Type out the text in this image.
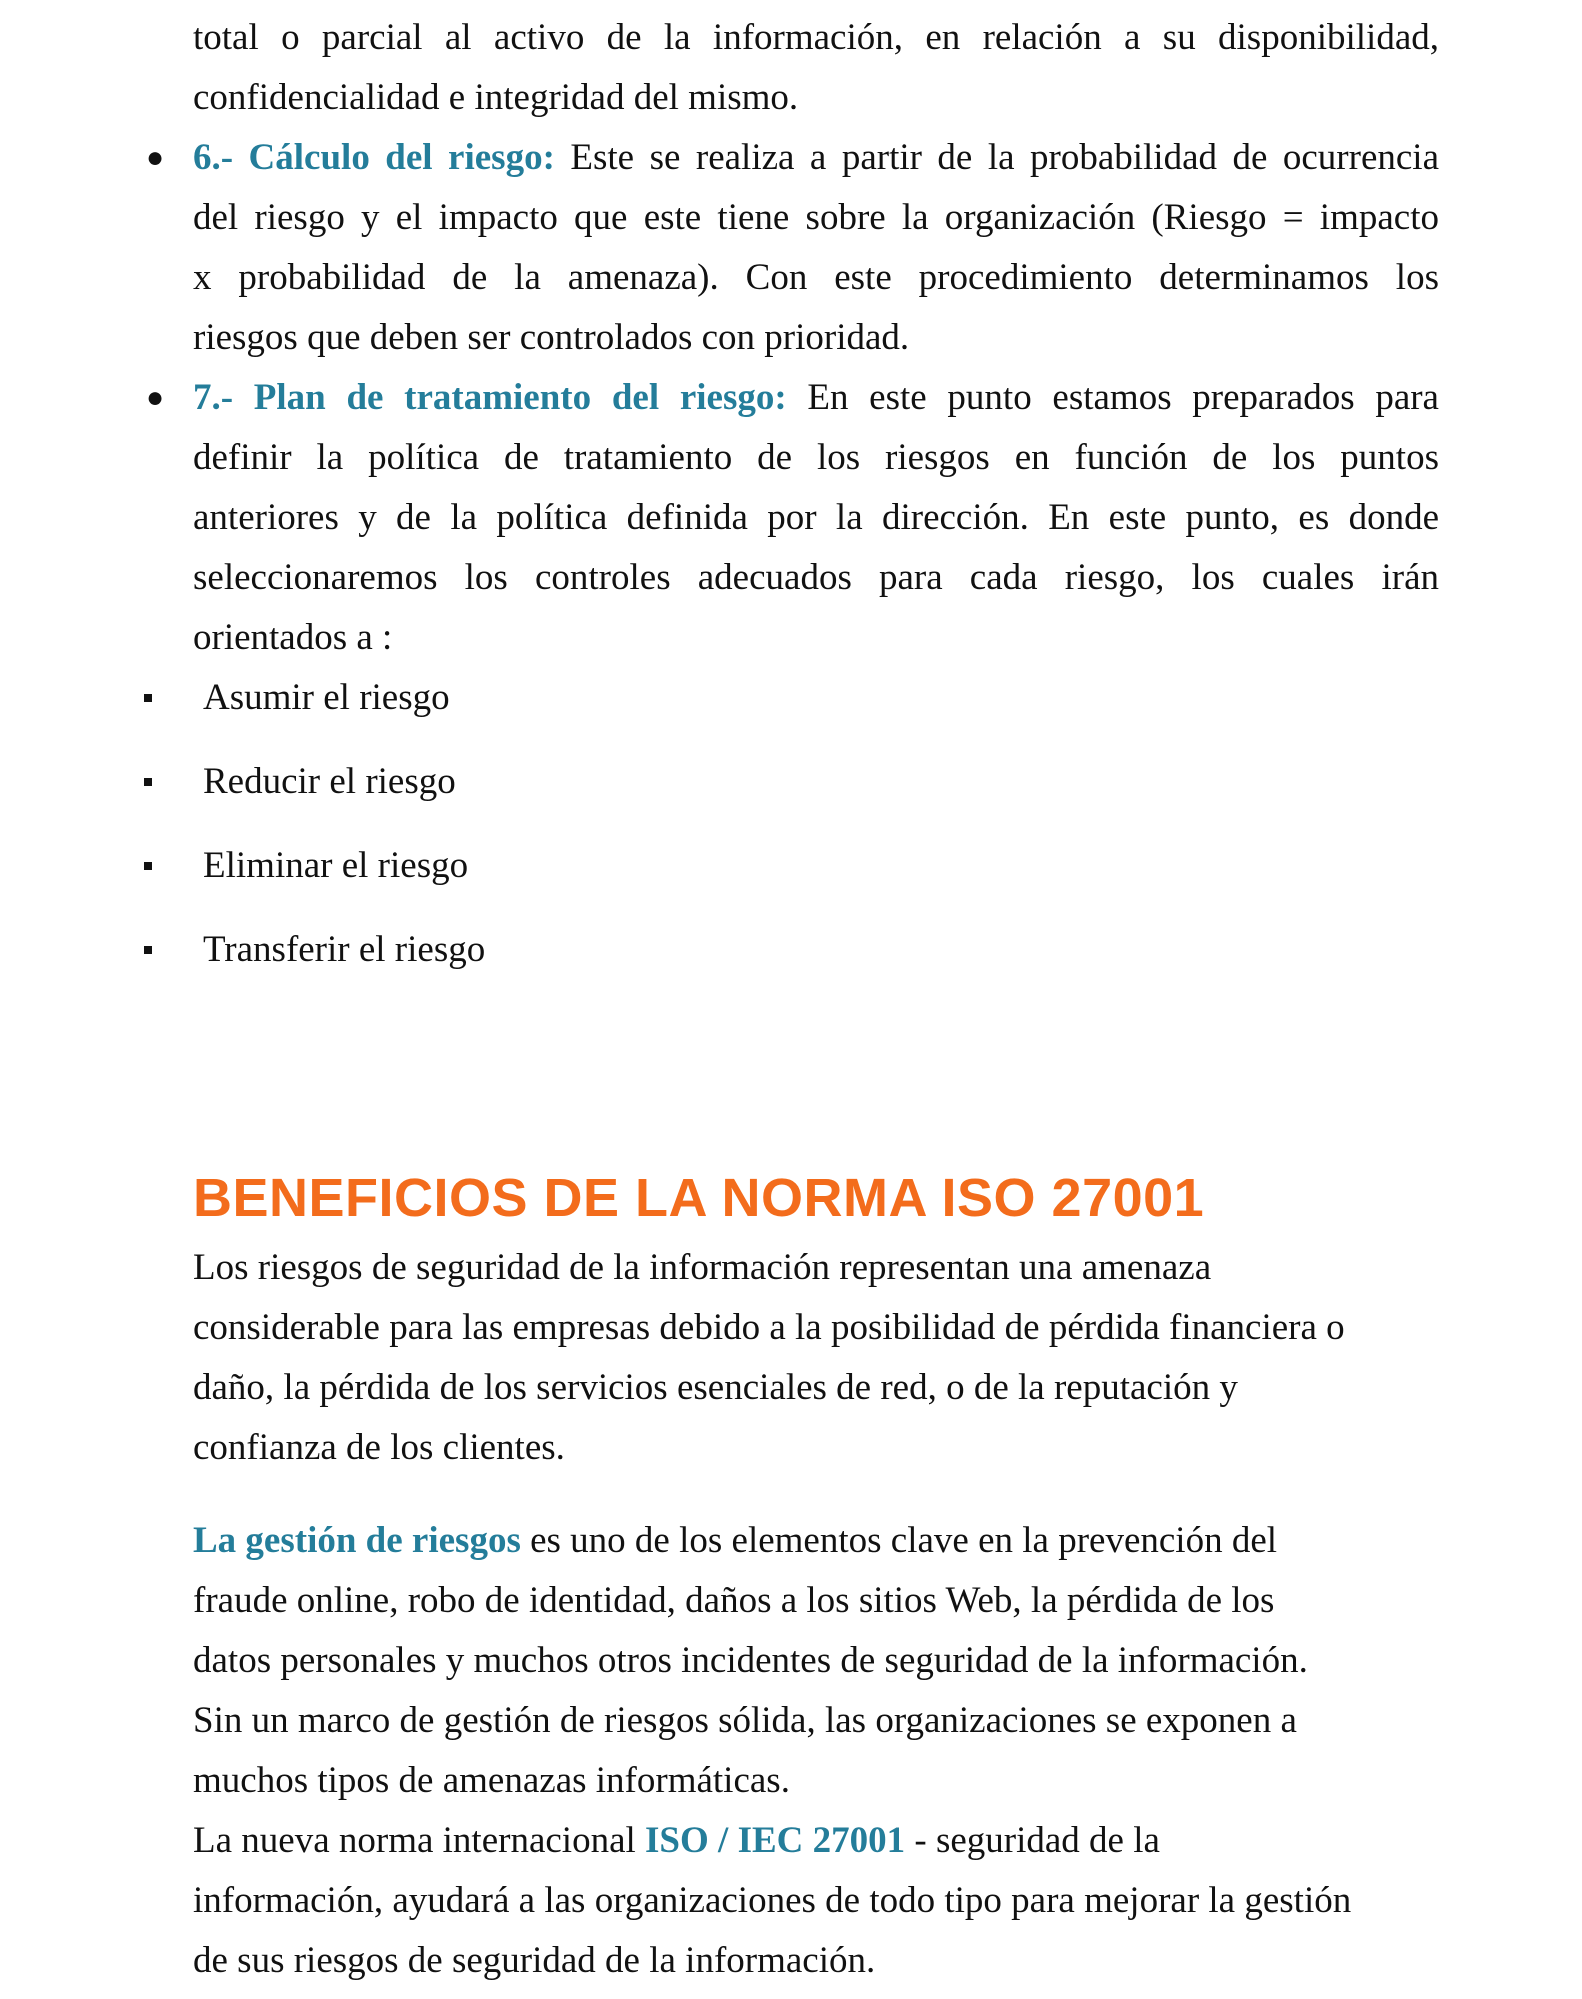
total o parcial al activo de la información, en relación a su disponibilidad,
confidencialidad e integridad del mismo.
● 6.- Cálculo del riesgo: Este se realiza a partir de la probabilidad de ocurrencia
del riesgo y el impacto que este tiene sobre la organización (Riesgo = impacto
x probabilidad de la amenaza). Con este procedimiento determinamos los
riesgos que deben ser controlados con prioridad.
● 7.- Plan de tratamiento del riesgo: En este punto estamos preparados para
definir la política de tratamiento de los riesgos en función de los puntos
anteriores y de la política definida por la dirección. En este punto, es donde
seleccionaremos los controles adecuados para cada riesgo, los cuales irán
orientados a :
Asumir el riesgo
Reducir el riesgo
Eliminar el riesgo
Transferir el riesgo
BENEFICIOS DE LA NORMA ISO 27001
Los riesgos de seguridad de la información representan una amenaza
considerable para las empresas debido a la posibilidad de pérdida financiera o
daño, la pérdida de los servicios esenciales de red, o de la reputación y
confianza de los clientes.
La gestión de riesgos es uno de los elementos clave en la prevención del
fraude online, robo de identidad, daños a los sitios Web, la pérdida de los
datos personales y muchos otros incidentes de seguridad de la información.
Sin un marco de gestión de riesgos sólida, las organizaciones se exponen a
muchos tipos de amenazas informáticas.
La nueva norma internacional ISO / IEC 27001 - seguridad de la
información, ayudará a las organizaciones de todo tipo para mejorar la gestión
de sus riesgos de seguridad de la información.
